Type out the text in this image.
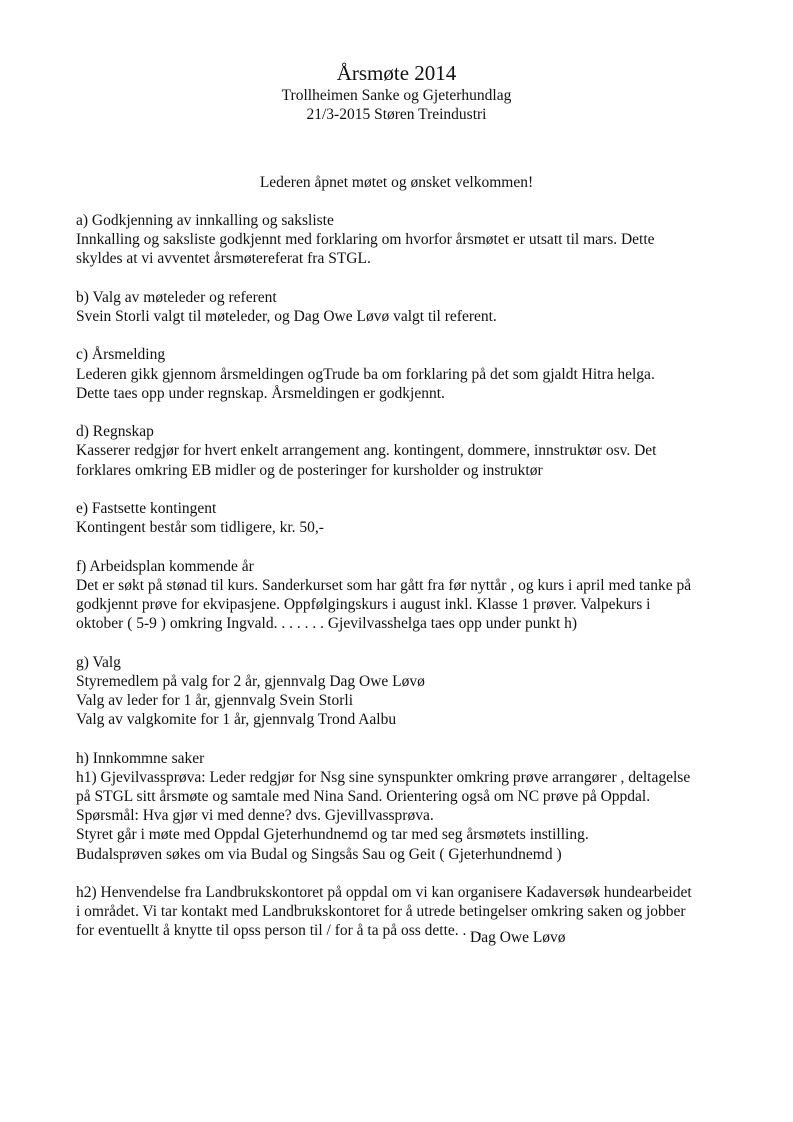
Årsmøte 2014

Trollheimen Sanke og Gjeterhundlag

21/3-2015 Støren Treindustri

Lederen åpnet møtet og ønsket velkommen!
a) Godkjenning av innkalling og saksliste
Innkalling og saksliste godkjennt med forklaring om hvorfor årsmøtet er utsatt til mars. Dette
skyldes at vi avventet årsmøtereferat fra STGL.
b) Valg av møteleder og referent
Svein Storli valgt til møteleder, og Dag Owe Løvø valgt til referent.
c) Årsmelding
Lederen gikk gjennom årsmeldingen ogTrude ba om forklaring på det som gjaldt Hitra helga.
Dette taes opp under regnskap. Årsmeldingen er godkjennt.
d) Regnskap
Kasserer redgjør for hvert enkelt arrangement ang. kontingent, dommere, innstruktør osv. Det
forklares omkring EB midler og de posteringer for kursholder og instruktør
e) Fastsette kontingent
Kontingent består som tidligere, kr. 50,-
f) Arbeidsplan kommende år
Det er søkt på stønad til kurs. Sanderkurset som har gått fra før nyttår , og kurs i april med tanke på
godkjennt prøve for ekvipasjene. Oppfølgingskurs i august inkl. Klasse 1 prøver. Valpekurs i
oktober ( 5-9 ) omkring Ingvald. . . . . . . Gjevilvasshelga taes opp under punkt h)
g) Valg
Styremedlem på valg for 2 år, gjennvalg Dag Owe Løvø
Valg av leder for 1 år, gjennvalg Svein Storli
Valg av valgkomite for 1 år, gjennvalg Trond Aalbu
h) Innkommne saker
h1) Gjevilvassprøva: Leder redgjør for Nsg sine synspunkter omkring prøve arrangører , deltagelse
på STGL sitt årsmøte og samtale med Nina Sand. Orientering også om NC prøve på Oppdal.
Spørsmål: Hva gjør vi med denne? dvs. Gjevillvassprøva.
Styret går i møte med Oppdal Gjeterhundnemd og tar med seg årsmøtets instilling.
Budalsprøven søkes om via Budal og Singsås Sau og Geit ( Gjeterhundnemd )
h2) Henvendelse fra Landbrukskontoret på oppdal om vi kan organisere Kadaversøk hundearbeidet
i området. Vi tar kontakt med Landbrukskontoret for å utrede betingelser omkring saken og jobber
for eventuellt å knytte til opss person til / for å ta på oss dette. . . .
Dag Owe Løvø
